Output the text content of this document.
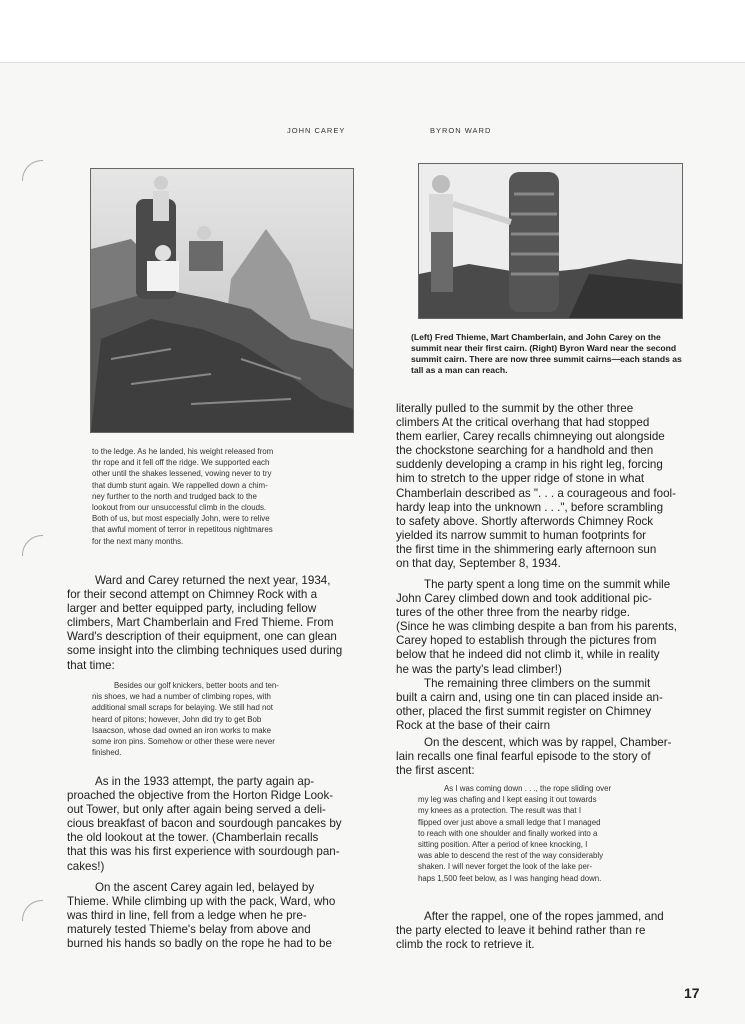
JOHN CAREY	BYRON WARD
(Left) Fred Thieme, Mart Chamberlain, and John Carey on the summit near their first cairn. (Right) Byron Ward near the second summit cairn. There are now three summit cairns—each stands as tall as a man can reach.
to the ledge. As he landed, his weight released from
thr rope and it fell off the ridge. We supported each
other until the shakes lessened, vowing never to try
that dumb stunt again. We rappelled down a chim-
ney further to the north and trudged back to the
lookout from our unsuccessful climb in the clouds.
Both of us, but most especially John, were to relive
that awful moment of terror in repetitous nightmares
for the next many months.
Ward and Carey returned the next year, 1934,
for their second attempt on Chimney Rock with a
larger and better equipped party, including fellow
climbers, Mart Chamberlain and Fred Thieme. From
Ward's description of their equipment, one can glean
some insight into the climbing techniques used during
that time:
Besides our golf knickers, better boots and ten-
nis shoes, we had a number of climbing ropes, with
additional small scraps for belaying. We still had not
heard of pitons; however, John did try to get Bob
Isaacson, whose dad owned an iron works to make
some iron pins. Somehow or other these were never
finished.
As in the 1933 attempt, the party again ap-
proached the objective from the Horton Ridge Look-
out Tower, but only after again being served a deli-
cious breakfast of bacon and sourdough pancakes by
the old lookout at the tower. (Chamberlain recalls
that this was his first experience with sourdough pan-
cakes!)
On the ascent Carey again led, belayed by
Thieme. While climbing up with the pack, Ward, who
was third in line, fell from a ledge when he pre-
maturely tested Thieme's belay from above and
burned his hands so badly on the rope he had to be
literally pulled to the summit by the other three
climbers At the critical overhang that had stopped
them earlier, Carey recalls chimneying out alongside
the chockstone searching for a handhold and then
suddenly developing a cramp in his right leg, forcing
him to stretch to the upper ridge of stone in what
Chamberlain described as ". . . a courageous and fool-
hardy leap into the unknown . . .", before scrambling
to safety above. Shortly afterwords Chimney Rock
yielded its narrow summit to human footprints for
the first time in the shimmering early afternoon sun
on that day, September 8, 1934.
The party spent a long time on the summit while
John Carey climbed down and took additional pic-
tures of the other three from the nearby ridge.
(Since he was climbing despite a ban from his parents,
Carey hoped to establish through the pictures from
below that he indeed did not climb it, while in reality
he was the party's lead climber!)
The remaining three climbers on the summit
built a cairn and, using one tin can placed inside an-
other, placed the first summit register on Chimney
Rock at the base of their cairn
On the descent, which was by rappel, Chamber-
lain recalls one final fearful episode to the story of
the first ascent:
As I was coming down . . ., the rope sliding over
my leg was chafing and I kept easing it out towards
my knees as a protection. The result was that I
flipped over just above a small ledge that I managed
to reach with one shoulder and finally worked into a
sitting position. After a period of knee knocking, I
was able to descend the rest of the way considerably
shaken. I will never forget the look of the lake per-
haps 1,500 feet below, as I was hanging head down.
After the rappel, one of the ropes jammed, and
the party elected to leave it behind rather than re
climb the rock to retrieve it.
17
